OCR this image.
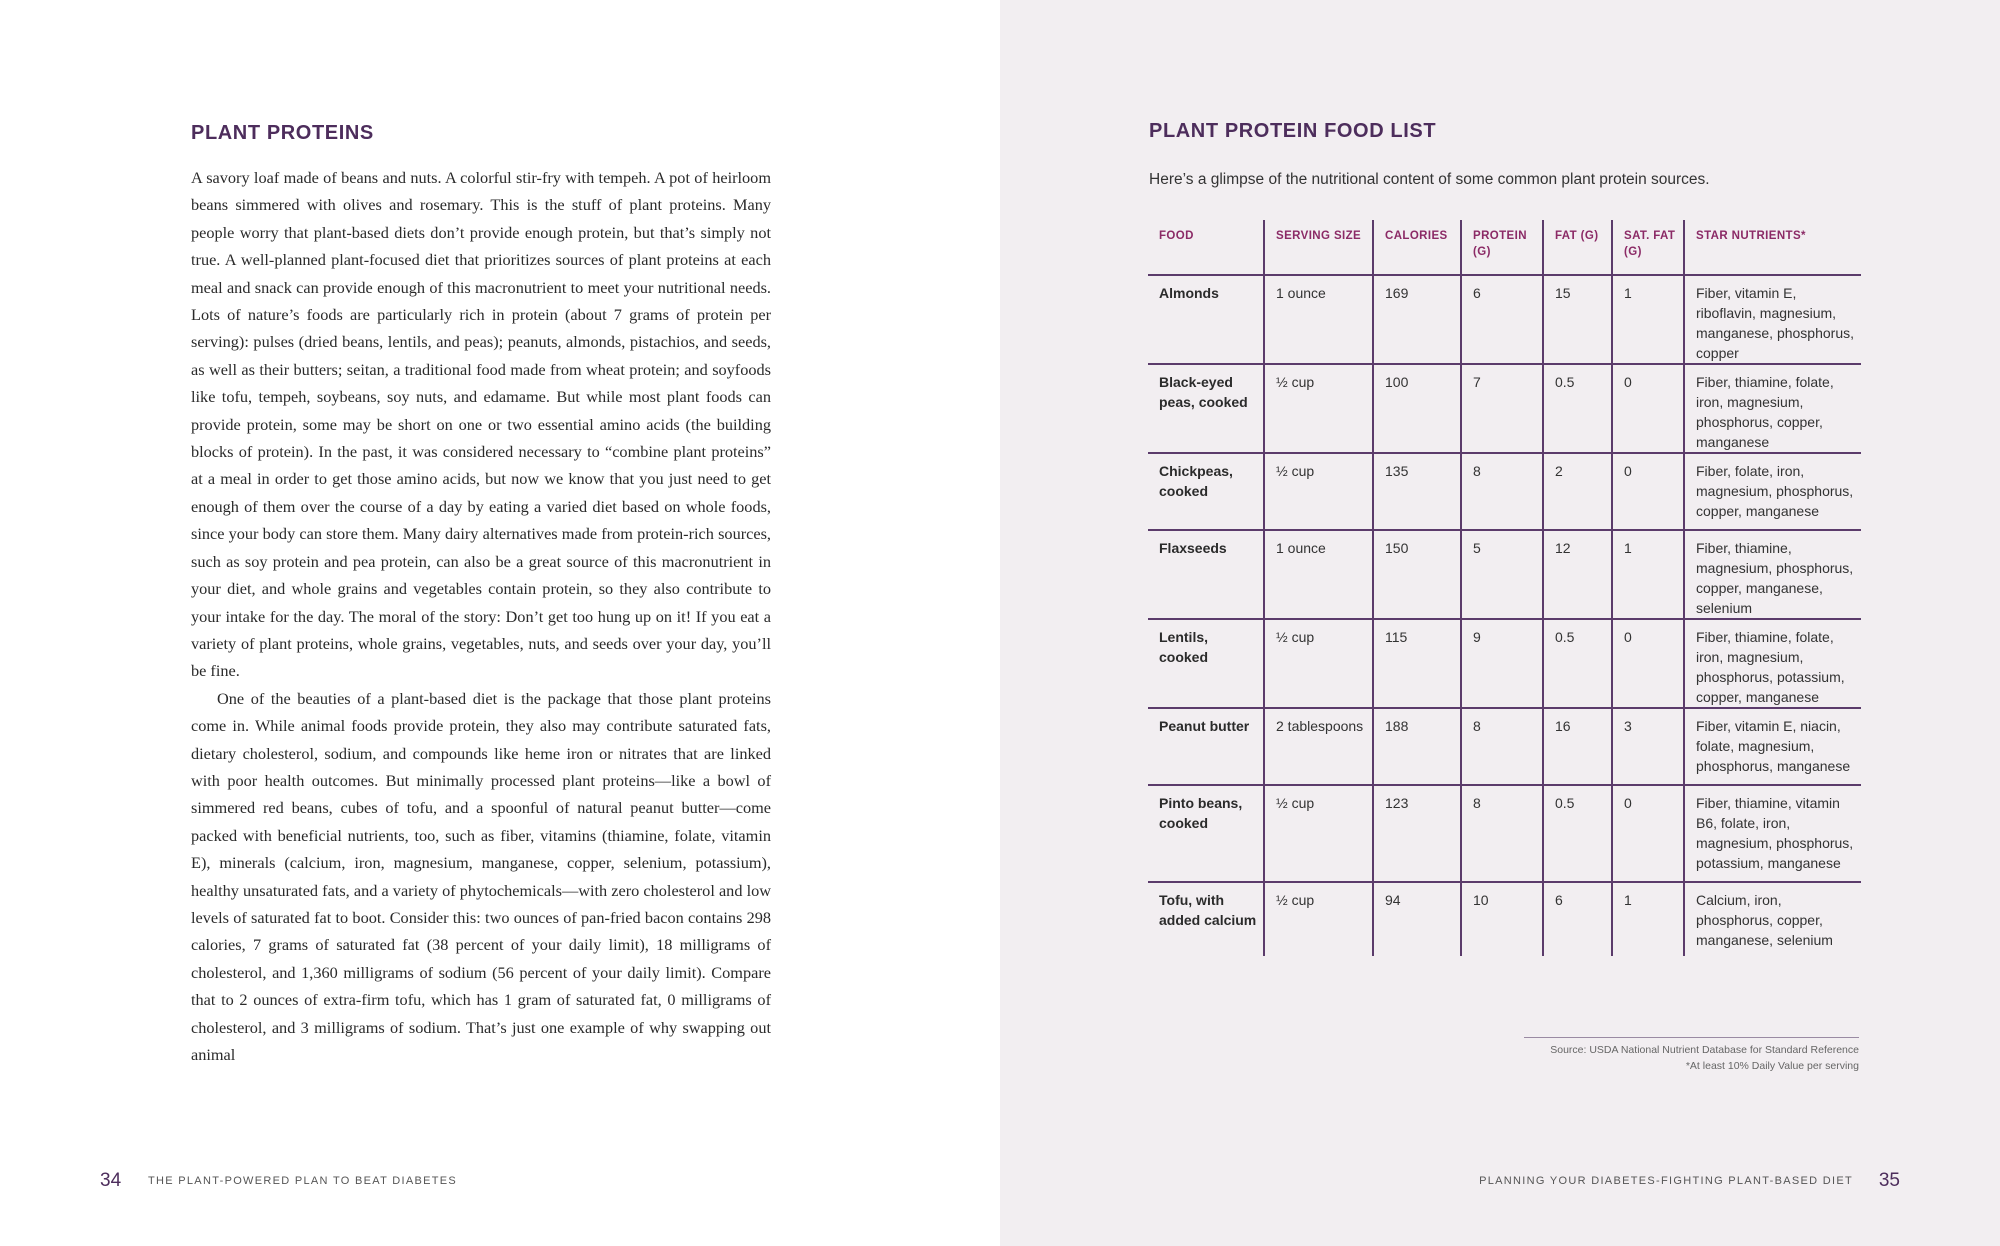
PLANT PROTEINS

A savory loaf made of beans and nuts. A colorful stir-fry with tempeh. A pot of heirloom beans simmered with olives and rosemary. This is the stuff of plant proteins. Many people worry that plant-based diets don’t provide enough protein, but that’s simply not true. A well-planned plant-focused diet that prioritizes sources of plant proteins at each meal and snack can provide enough of this macronutrient to meet your nutritional needs. Lots of nature’s foods are particularly rich in protein (about 7 grams of protein per serving): pulses (dried beans, lentils, and peas); peanuts, almonds, pistachios, and seeds, as well as their butters; seitan, a traditional food made from wheat protein; and soyfoods like tofu, tempeh, soybeans, soy nuts, and edamame. But while most plant foods can provide protein, some may be short on one or two essential amino acids (the building blocks of protein). In the past, it was considered necessary to “combine plant proteins” at a meal in order to get those amino acids, but now we know that you just need to get enough of them over the course of a day by eating a varied diet based on whole foods, since your body can store them. Many dairy alternatives made from protein-rich sources, such as soy protein and pea protein, can also be a great source of this macronutrient in your diet, and whole grains and vegetables contain protein, so they also contribute to your intake for the day. The moral of the story: Don’t get too hung up on it! If you eat a variety of plant proteins, whole grains, vegetables, nuts, and seeds over your day, you’ll be fine.

One of the beauties of a plant-based diet is the package that those plant proteins come in. While animal foods provide protein, they also may contribute saturated fats, dietary cholesterol, sodium, and compounds like heme iron or nitrates that are linked with poor health outcomes. But minimally processed plant proteins—like a bowl of simmered red beans, cubes of tofu, and a spoonful of natural peanut butter—come packed with beneficial nutrients, too, such as fiber, vitamins (thiamine, folate, vitamin E), minerals (calcium, iron, magnesium, manganese, copper, selenium, potassium), healthy unsaturated fats, and a variety of phytochemicals—with zero cholesterol and low levels of saturated fat to boot. Consider this: two ounces of pan-fried bacon contains 298 calories, 7 grams of saturated fat (38 percent of your daily limit), 18 milligrams of cholesterol, and 1,360 milligrams of sodium (56 percent of your daily limit). Compare that to 2 ounces of extra-firm tofu, which has 1 gram of saturated fat, 0 milligrams of cholesterol, and 3 milligrams of sodium. That’s just one example of why swapping out animal

34 THE PLANT-POWERED PLAN TO BEAT DIABETES
PLANT PROTEIN FOOD LIST

Here’s a glimpse of the nutritional content of some common plant protein sources.

FOOD	SERVING SIZE	CALORIES	PROTEIN (G)	FAT (G)	SAT. FAT (G)	STAR NUTRIENTS*
Almonds	1 ounce	169	6	15	1	Fiber, vitamin E, riboflavin, magnesium, manganese, phosphorus, copper
Black-eyed peas, cooked	½ cup	100	7	0.5	0	Fiber, thiamine, folate, iron, magnesium, phosphorus, copper, manganese
Chickpeas, cooked	½ cup	135	8	2	0	Fiber, folate, iron, magnesium, phosphorus, copper, manganese
Flaxseeds	1 ounce	150	5	12	1	Fiber, thiamine, magnesium, phosphorus, copper, manganese, selenium
Lentils, cooked	½ cup	115	9	0.5	0	Fiber, thiamine, folate, iron, magnesium, phosphorus, potassium, copper, manganese
Peanut butter	2 tablespoons	188	8	16	3	Fiber, vitamin E, niacin, folate, magnesium, phosphorus, manganese
Pinto beans, cooked	½ cup	123	8	0.5	0	Fiber, thiamine, vitamin B6, folate, iron, magnesium, phosphorus, potassium, manganese
Tofu, with added calcium	½ cup	94	10	6	1	Calcium, iron, phosphorus, copper, manganese, selenium
Source: USDA National Nutrient Database for Standard Reference
*At least 10% Daily Value per serving
PLANNING YOUR DIABETES-FIGHTING PLANT-BASED DIET 35
